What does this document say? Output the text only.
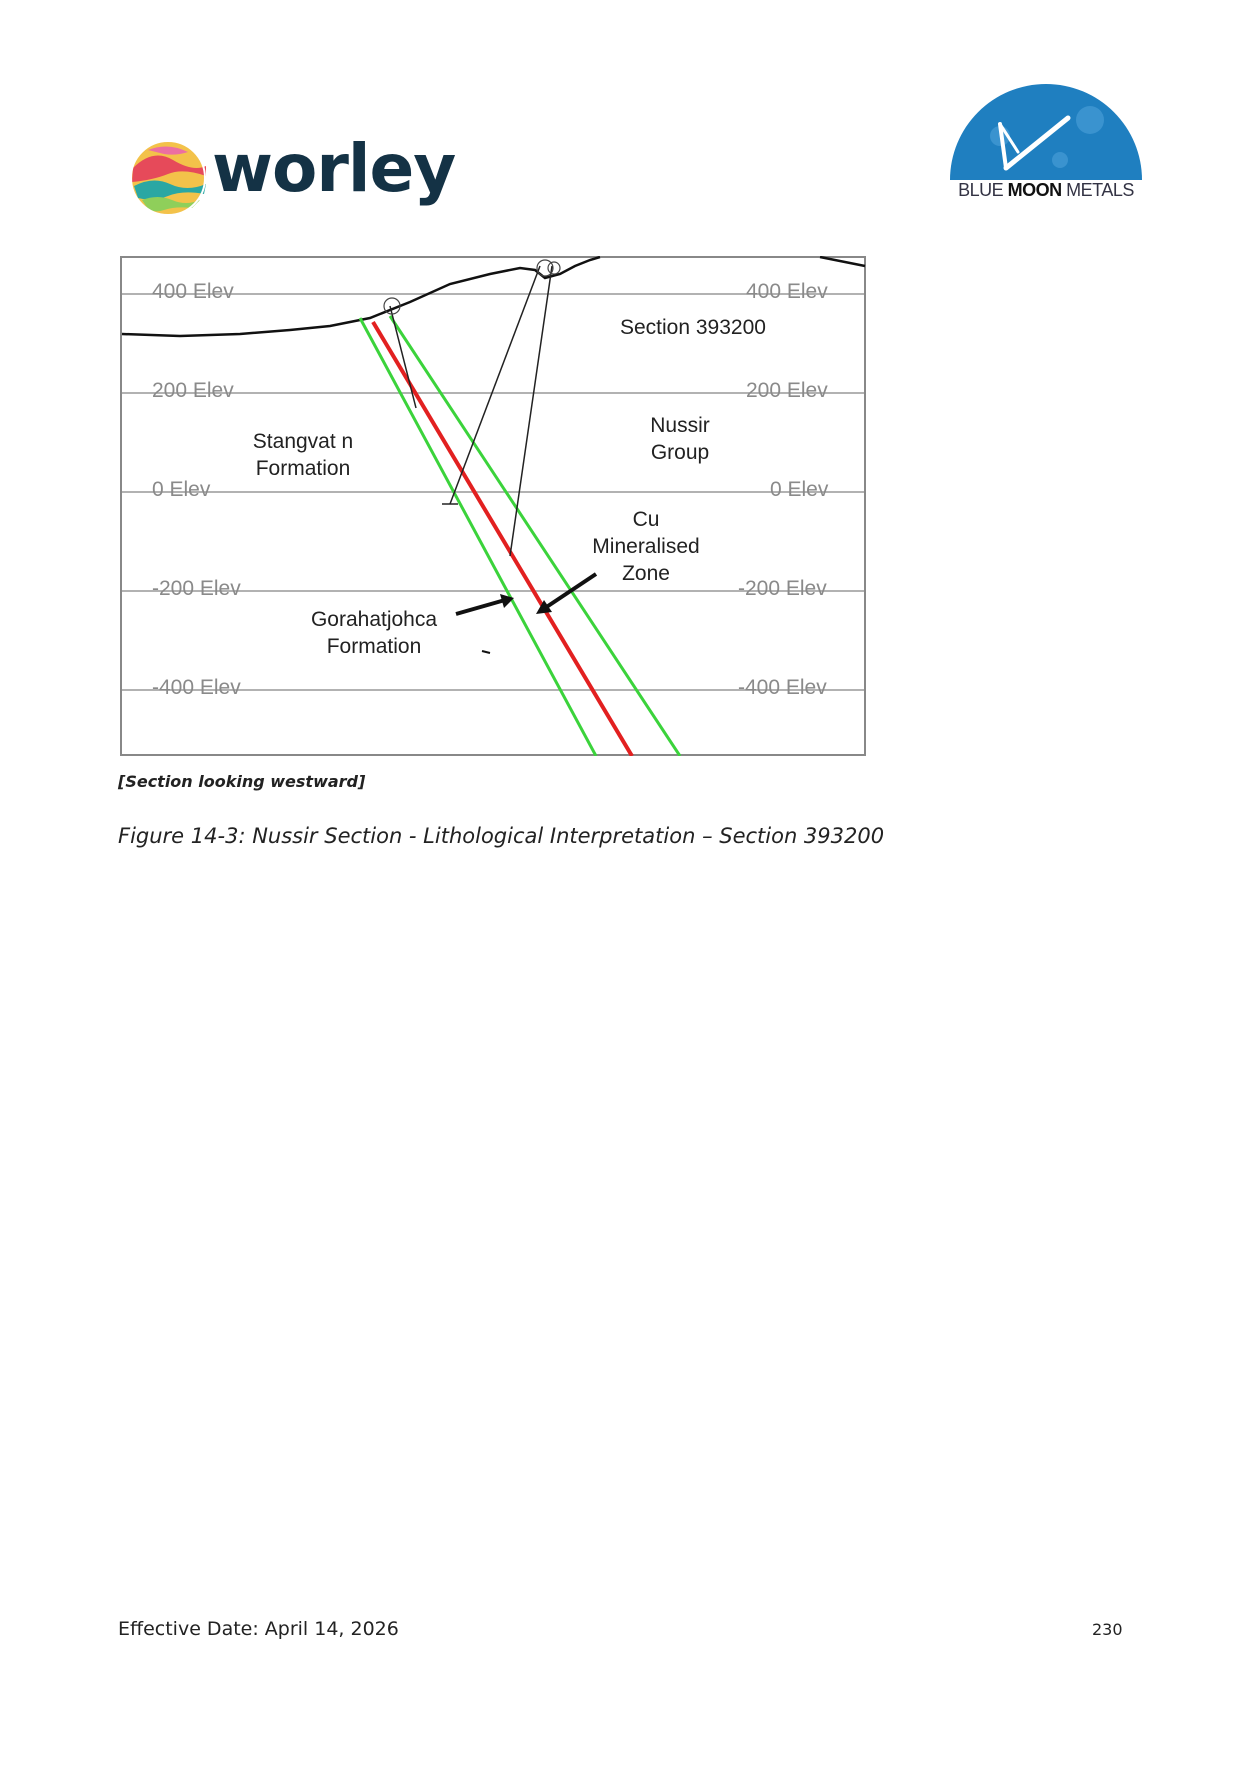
worley	BLUE MOON METALS
400 Elev
200 Elev
0 Elev
-200 Elev
-400 Elev
400 Elev
200 Elev
0 Elev
-200 Elev
-400 Elev
Section 393200
Stangvat n
Formation
Nussir
Group
Cu
Mineralised
Zone
Gorahatjohca
Formation
[Section looking westward]
Figure 14-3: Nussir Section - Lithological Interpretation – Section 393200
Effective Date: April 14, 2026	230
